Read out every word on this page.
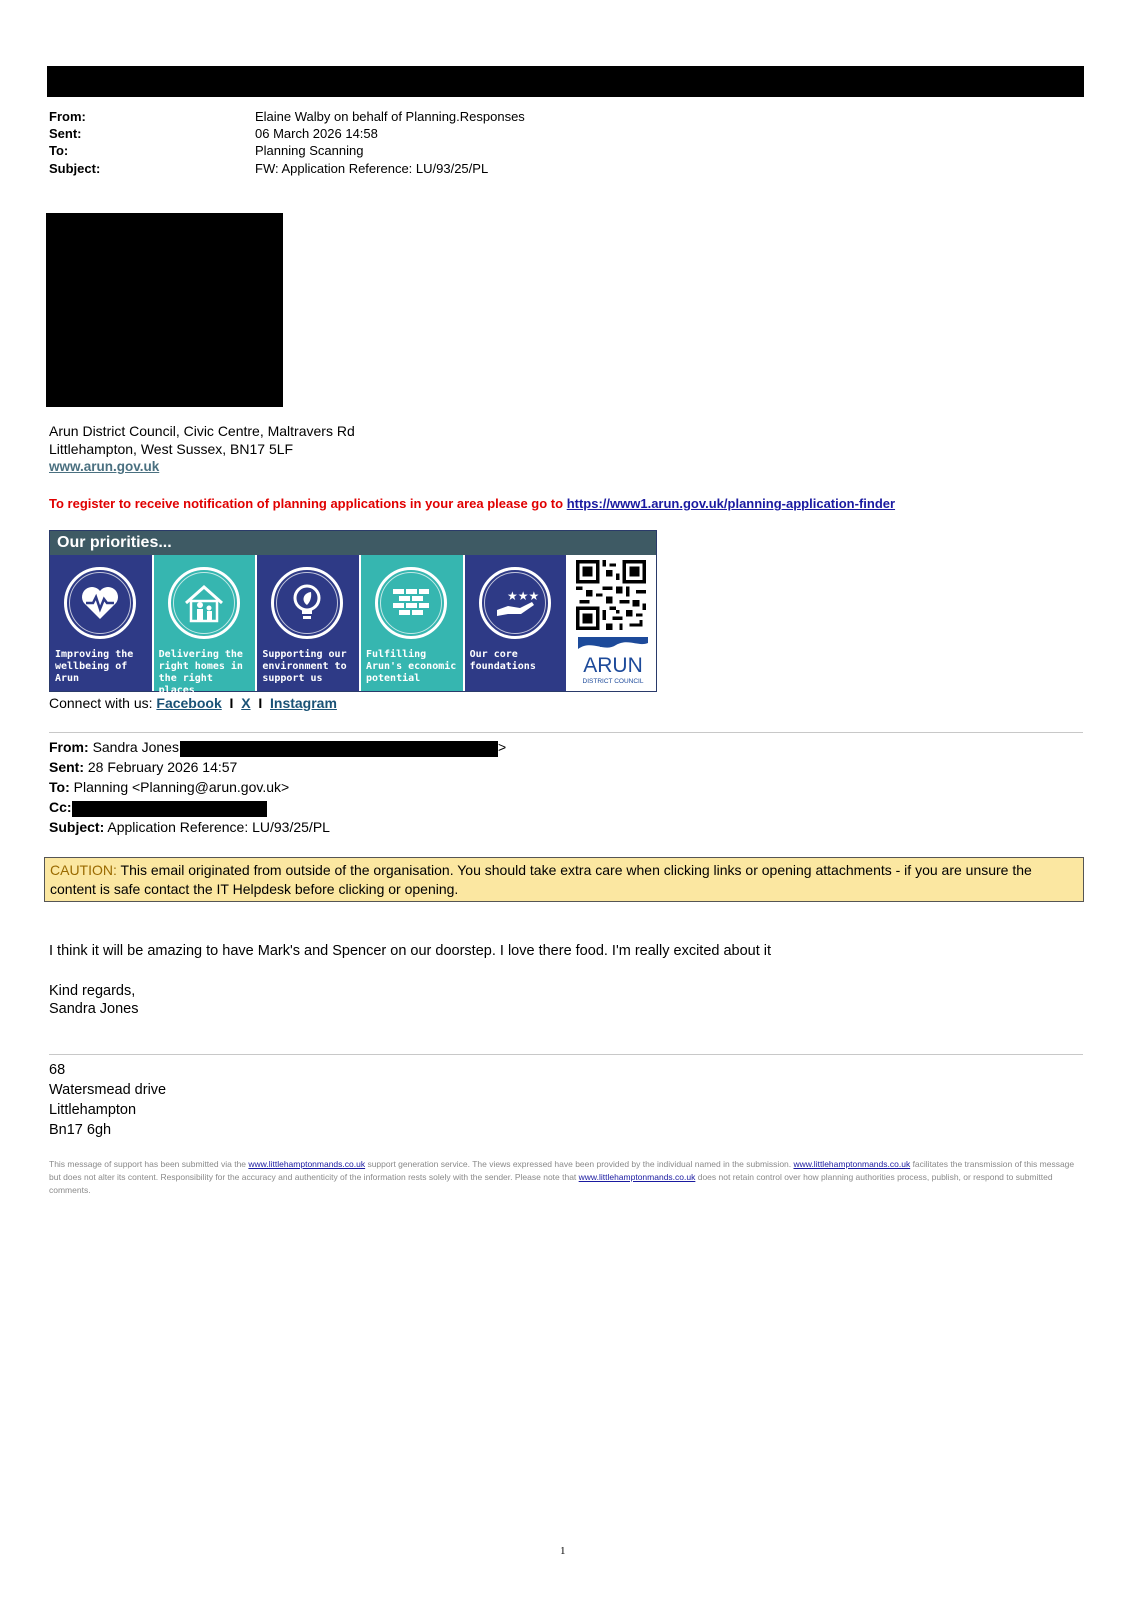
From:	Elaine Walby on behalf of Planning.Responses
Sent:	06 March 2026 14:58
To:	Planning Scanning
Subject:	FW: Application Reference: LU/93/25/PL
Arun District Council, Civic Centre, Maltravers Rd
Littlehampton, West Sussex, BN17 5LF
www.arun.gov.uk
To register to receive notification of planning applications in your area please go to https://www1.arun.gov.uk/planning-application-finder
Our priorities...
Improving the wellbeing of Arun
Delivering the right homes in the right places
Supporting our environment to support us
Fulfilling Arun's economic potential
★★★
Our core foundations	ARUN
DISTRICT COUNCIL
Connect with us: Facebook I X I Instagram
From: Sandra Jones	>
Sent: 28 February 2026 14:57
To: Planning <Planning@arun.gov.uk>
Cc:
Subject: Application Reference: LU/93/25/PL
CAUTION: This email originated from outside of the organisation. You should take extra care when clicking links or opening attachments - if you are unsure the content is safe contact the IT Helpdesk before clicking or opening.
I think it will be amazing to have Mark's and Spencer on our doorstep. I love there food. I'm really excited about it
Kind regards,
Sandra Jones
68
Watersmead drive
Littlehampton
Bn17 6gh
This message of support has been submitted via the www.littlehamptonmands.co.uk support generation service. The views expressed have been provided by the individual named in the submission. www.littlehamptonmands.co.uk facilitates the transmission of this message but does not alter its content. Responsibility for the accuracy and authenticity of the information rests solely with the sender. Please note that www.littlehamptonmands.co.uk does not retain control over how planning authorities process, publish, or respond to submitted comments.
1
